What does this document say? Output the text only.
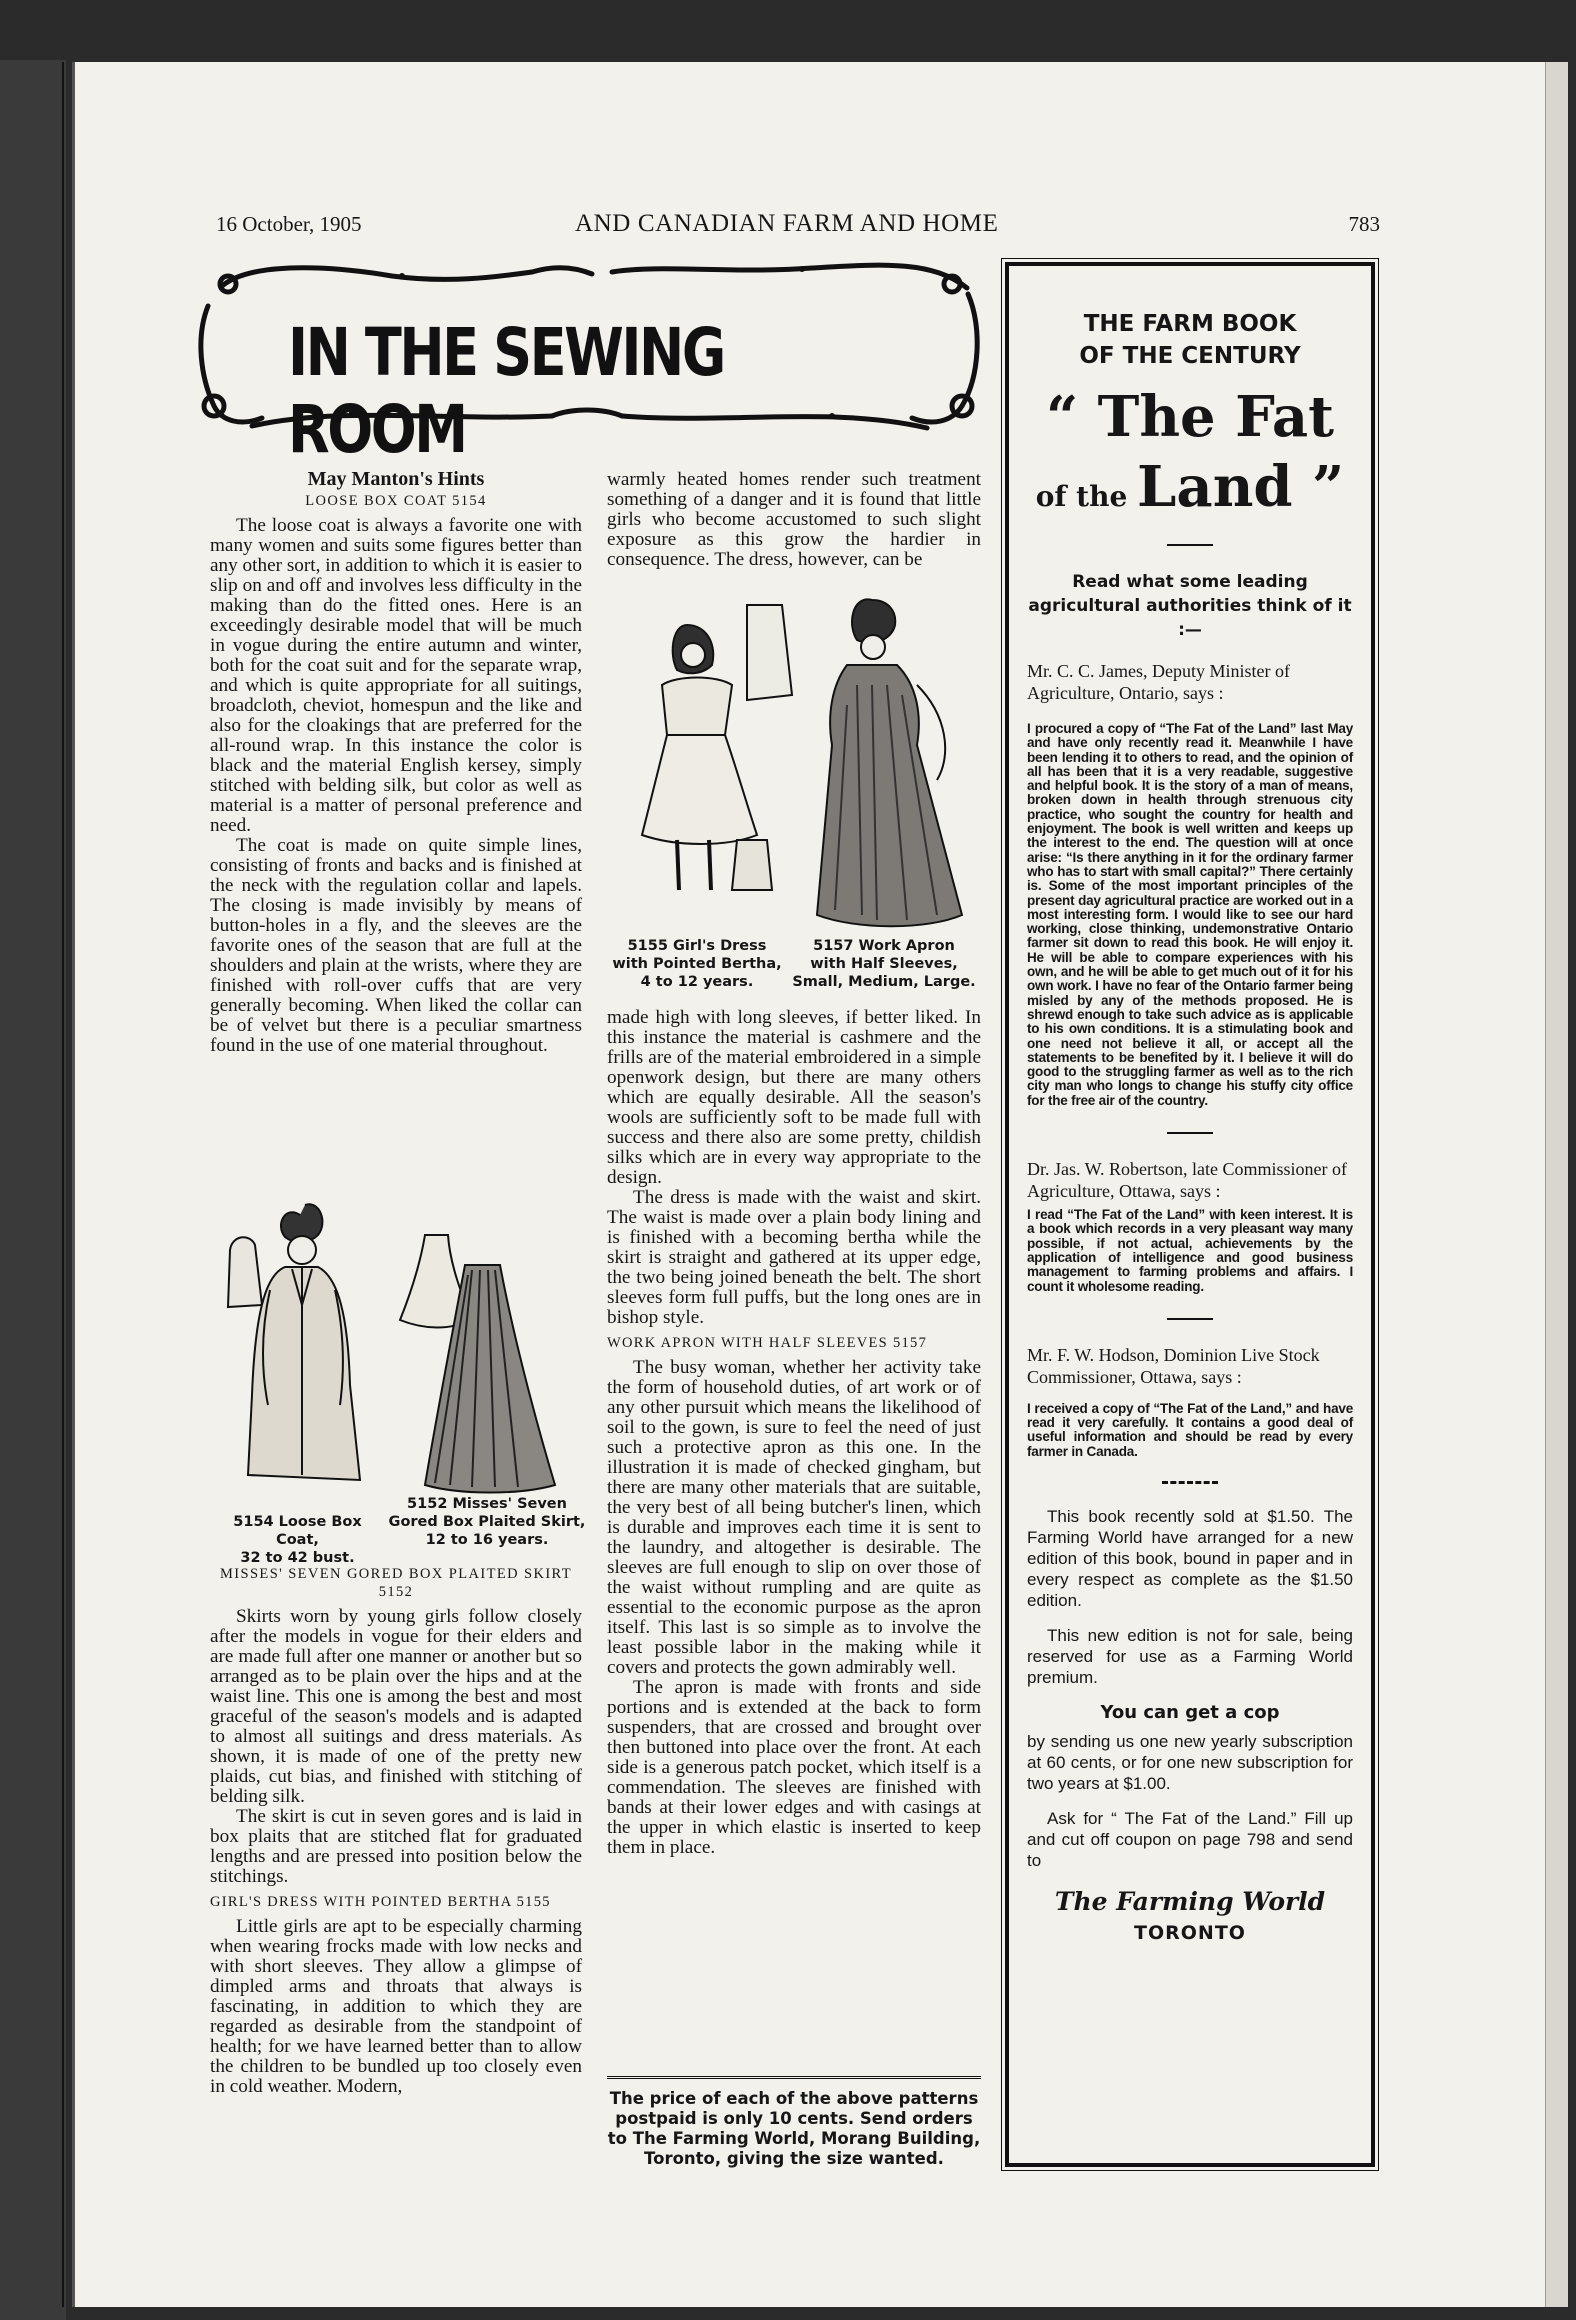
16 October, 1905	AND CANADIAN FARM AND HOME	783
IN THE SEWING ROOM
May Manton's Hints
LOOSE BOX COAT 5154

The loose coat is always a favorite one with many women and suits some figures better than any other sort, in addition to which it is easier to slip on and off and involves less difficulty in the making than do the fitted ones. Here is an exceedingly desirable model that will be much in vogue during the entire autumn and winter, both for the coat suit and for the separate wrap, and which is quite appropriate for all suitings, broadcloth, cheviot, homespun and the like and also for the cloakings that are preferred for the all-round wrap. In this instance the color is black and the material English kersey, simply stitched with belding silk, but color as well as material is a matter of personal preference and need.

The coat is made on quite simple lines, consisting of fronts and backs and is finished at the neck with the regulation collar and lapels. The closing is made invisibly by means of button-holes in a fly, and the sleeves are the favorite ones of the season that are full at the shoulders and plain at the wrists, where they are finished with roll-over cuffs that are very generally becoming. When liked the collar can be of velvet but there is a peculiar smartness found in the use of one material throughout.

5154 Loose Box Coat,
32 to 42 bust.
5152 Misses' Seven
Gored Box Plaited Skirt,
12 to 16 years.
MISSES' SEVEN GORED BOX PLAITED SKIRT 5152

Skirts worn by young girls follow closely after the models in vogue for their elders and are made full after one manner or another but so arranged as to be plain over the hips and at the waist line. This one is among the best and most graceful of the season's models and is adapted to almost all suitings and dress materials. As shown, it is made of one of the pretty new plaids, cut bias, and finished with stitching of belding silk.

The skirt is cut in seven gores and is laid in box plaits that are stitched flat for graduated lengths and are pressed into position below the stitchings.

GIRL'S DRESS WITH POINTED BERTHA 5155

Little girls are apt to be especially charming when wearing frocks made with low necks and with short sleeves. They allow a glimpse of dimpled arms and throats that always is fascinating, in addition to which they are regarded as desirable from the standpoint of health; for we have learned better than to allow the children to be bundled up too closely even in cold weather. Modern,

warmly heated homes render such treatment something of a danger and it is found that little girls who become accustomed to such slight exposure as this grow the hardier in consequence. The dress, however, can be

5155 Girl's Dress
with Pointed Bertha,
4 to 12 years.
5157 Work Apron
with Half Sleeves,
Small, Medium, Large.

made high with long sleeves, if better liked. In this instance the material is cashmere and the frills are of the material embroidered in a simple openwork design, but there are many others which are equally desirable. All the season's wools are sufficiently soft to be made full with success and there also are some pretty, childish silks which are in every way appropriate to the design.

The dress is made with the waist and skirt. The waist is made over a plain body lining and is finished with a becoming bertha while the skirt is straight and gathered at its upper edge, the two being joined beneath the belt. The short sleeves form full puffs, but the long ones are in bishop style.

WORK APRON WITH HALF SLEEVES 5157

The busy woman, whether her activity take the form of household duties, of art work or of any other pursuit which means the likelihood of soil to the gown, is sure to feel the need of just such a protective apron as this one. In the illustration it is made of checked gingham, but there are many other materials that are suitable, the very best of all being butcher's linen, which is durable and improves each time it is sent to the laundry, and altogether is desirable. The sleeves are full enough to slip on over those of the waist without rumpling and are quite as essential to the economic purpose as the apron itself. This last is so simple as to involve the least possible labor in the making while it covers and protects the gown admirably well.

The apron is made with fronts and side portions and is extended at the back to form suspenders, that are crossed and brought over then buttoned into place over the front. At each side is a generous patch pocket, which itself is a commendation. The sleeves are finished with bands at their lower edges and with casings at the upper in which elastic is inserted to keep them in place.

The price of each of the above patterns postpaid is only 10 cents. Send orders to The Farming World, Morang Building, Toronto, giving the size wanted.
THE FARM BOOK
OF THE CENTURY
“ The Fat
of the Land ”
Read what some leading agricultural authorities think of it :—
Mr. C. C. James, Deputy Minister of Agriculture, Ontario, says :
I procured a copy of “The Fat of the Land” last May and have only recently read it. Meanwhile I have been lending it to others to read, and the opinion of all has been that it is a very readable, suggestive and helpful book. It is the story of a man of means, broken down in health through strenuous city practice, who sought the country for health and enjoyment. The book is well written and keeps up the interest to the end. The question will at once arise: “Is there anything in it for the ordinary farmer who has to start with small capital?” There certainly is. Some of the most important principles of the present day agricultural practice are worked out in a most interesting form. I would like to see our hard working, close thinking, undemonstrative Ontario farmer sit down to read this book. He will enjoy it. He will be able to compare experiences with his own, and he will be able to get much out of it for his own work. I have no fear of the Ontario farmer being misled by any of the methods proposed. He is shrewd enough to take such advice as is applicable to his own conditions. It is a stimulating book and one need not believe it all, or accept all the statements to be benefited by it. I believe it will do good to the struggling farmer as well as to the rich city man who longs to change his stuffy city office for the free air of the country.
Dr. Jas. W. Robertson, late Commissioner of Agriculture, Ottawa, says :
I read “The Fat of the Land” with keen interest. It is a book which records in a very pleasant way many possible, if not actual, achievements by the application of intelligence and good business management to farming problems and affairs. I count it wholesome reading.
Mr. F. W. Hodson, Dominion Live Stock Commissioner, Ottawa, says :
I received a copy of “The Fat of the Land,” and have read it very carefully. It contains a good deal of useful information and should be read by every farmer in Canada.
This book recently sold at $1.50. The Farming World have arranged for a new edition of this book, bound in paper and in every respect as complete as the $1.50 edition.
This new edition is not for sale, being reserved for use as a Farming World premium.
You can get a cop
by sending us one new yearly subscription at 60 cents, or for one new subscription for two years at $1.00.
Ask for “ The Fat of the Land.” Fill up and cut off coupon on page 798 and send to
The Farming World
TORONTO
